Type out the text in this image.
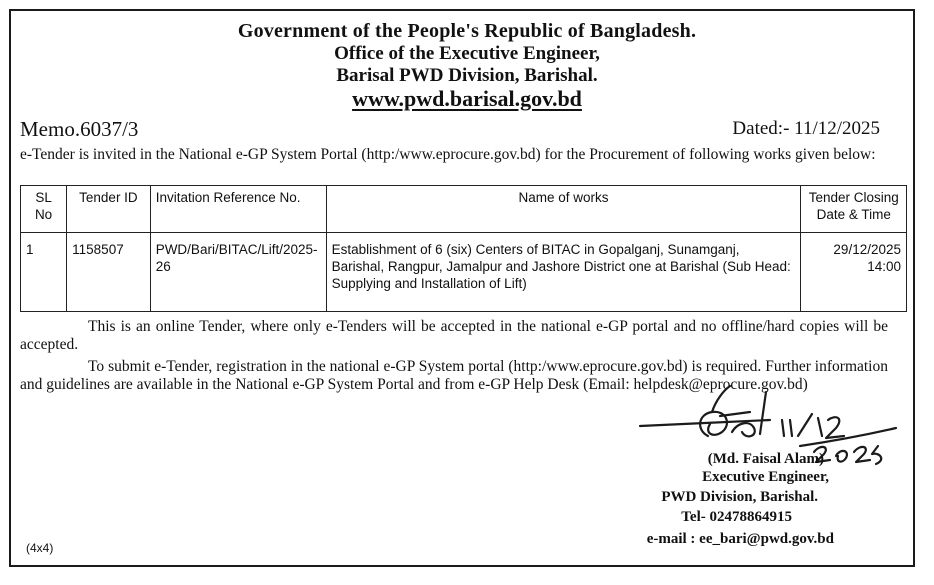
Government of the People's Republic of Bangladesh.
Office of the Executive Engineer,
Barisal PWD Division, Barishal.
www.pwd.barisal.gov.bd
Memo.6037/3	Dated:- 11/12/2025
e-Tender is invited in the National e-GP System Portal (http:/www.eprocure.gov.bd) for the Procurement of following works given below:
SL No	Tender ID	Invitation Reference No.	Name of works	Tender Closing Date & Time
1	1158507	PWD/Bari/BITAC/Lift/2025-26	Establishment of 6 (six) Centers of BITAC in Gopalganj, Sunamganj, Barishal, Rangpur, Jamalpur and Jashore District one at Barishal (Sub Head: Supplying and Installation of Lift)	29/12/2025
14:00
This is an online Tender, where only e-Tenders will be accepted in the national e-GP portal and no offline/hard copies will be accepted.
To submit e-Tender, registration in the national e-GP System portal (http:/www.eprocure.gov.bd) is required. Further information and guidelines are available in the National e-GP System Portal and from e-GP Help Desk (Email: helpdesk@eprocure.gov.bd)
(Md. Faisal Alam)
Executive Engineer,
PWD Division, Barishal.
Tel- 02478864915
e-mail : ee_bari@pwd.gov.bd
(4x4)
